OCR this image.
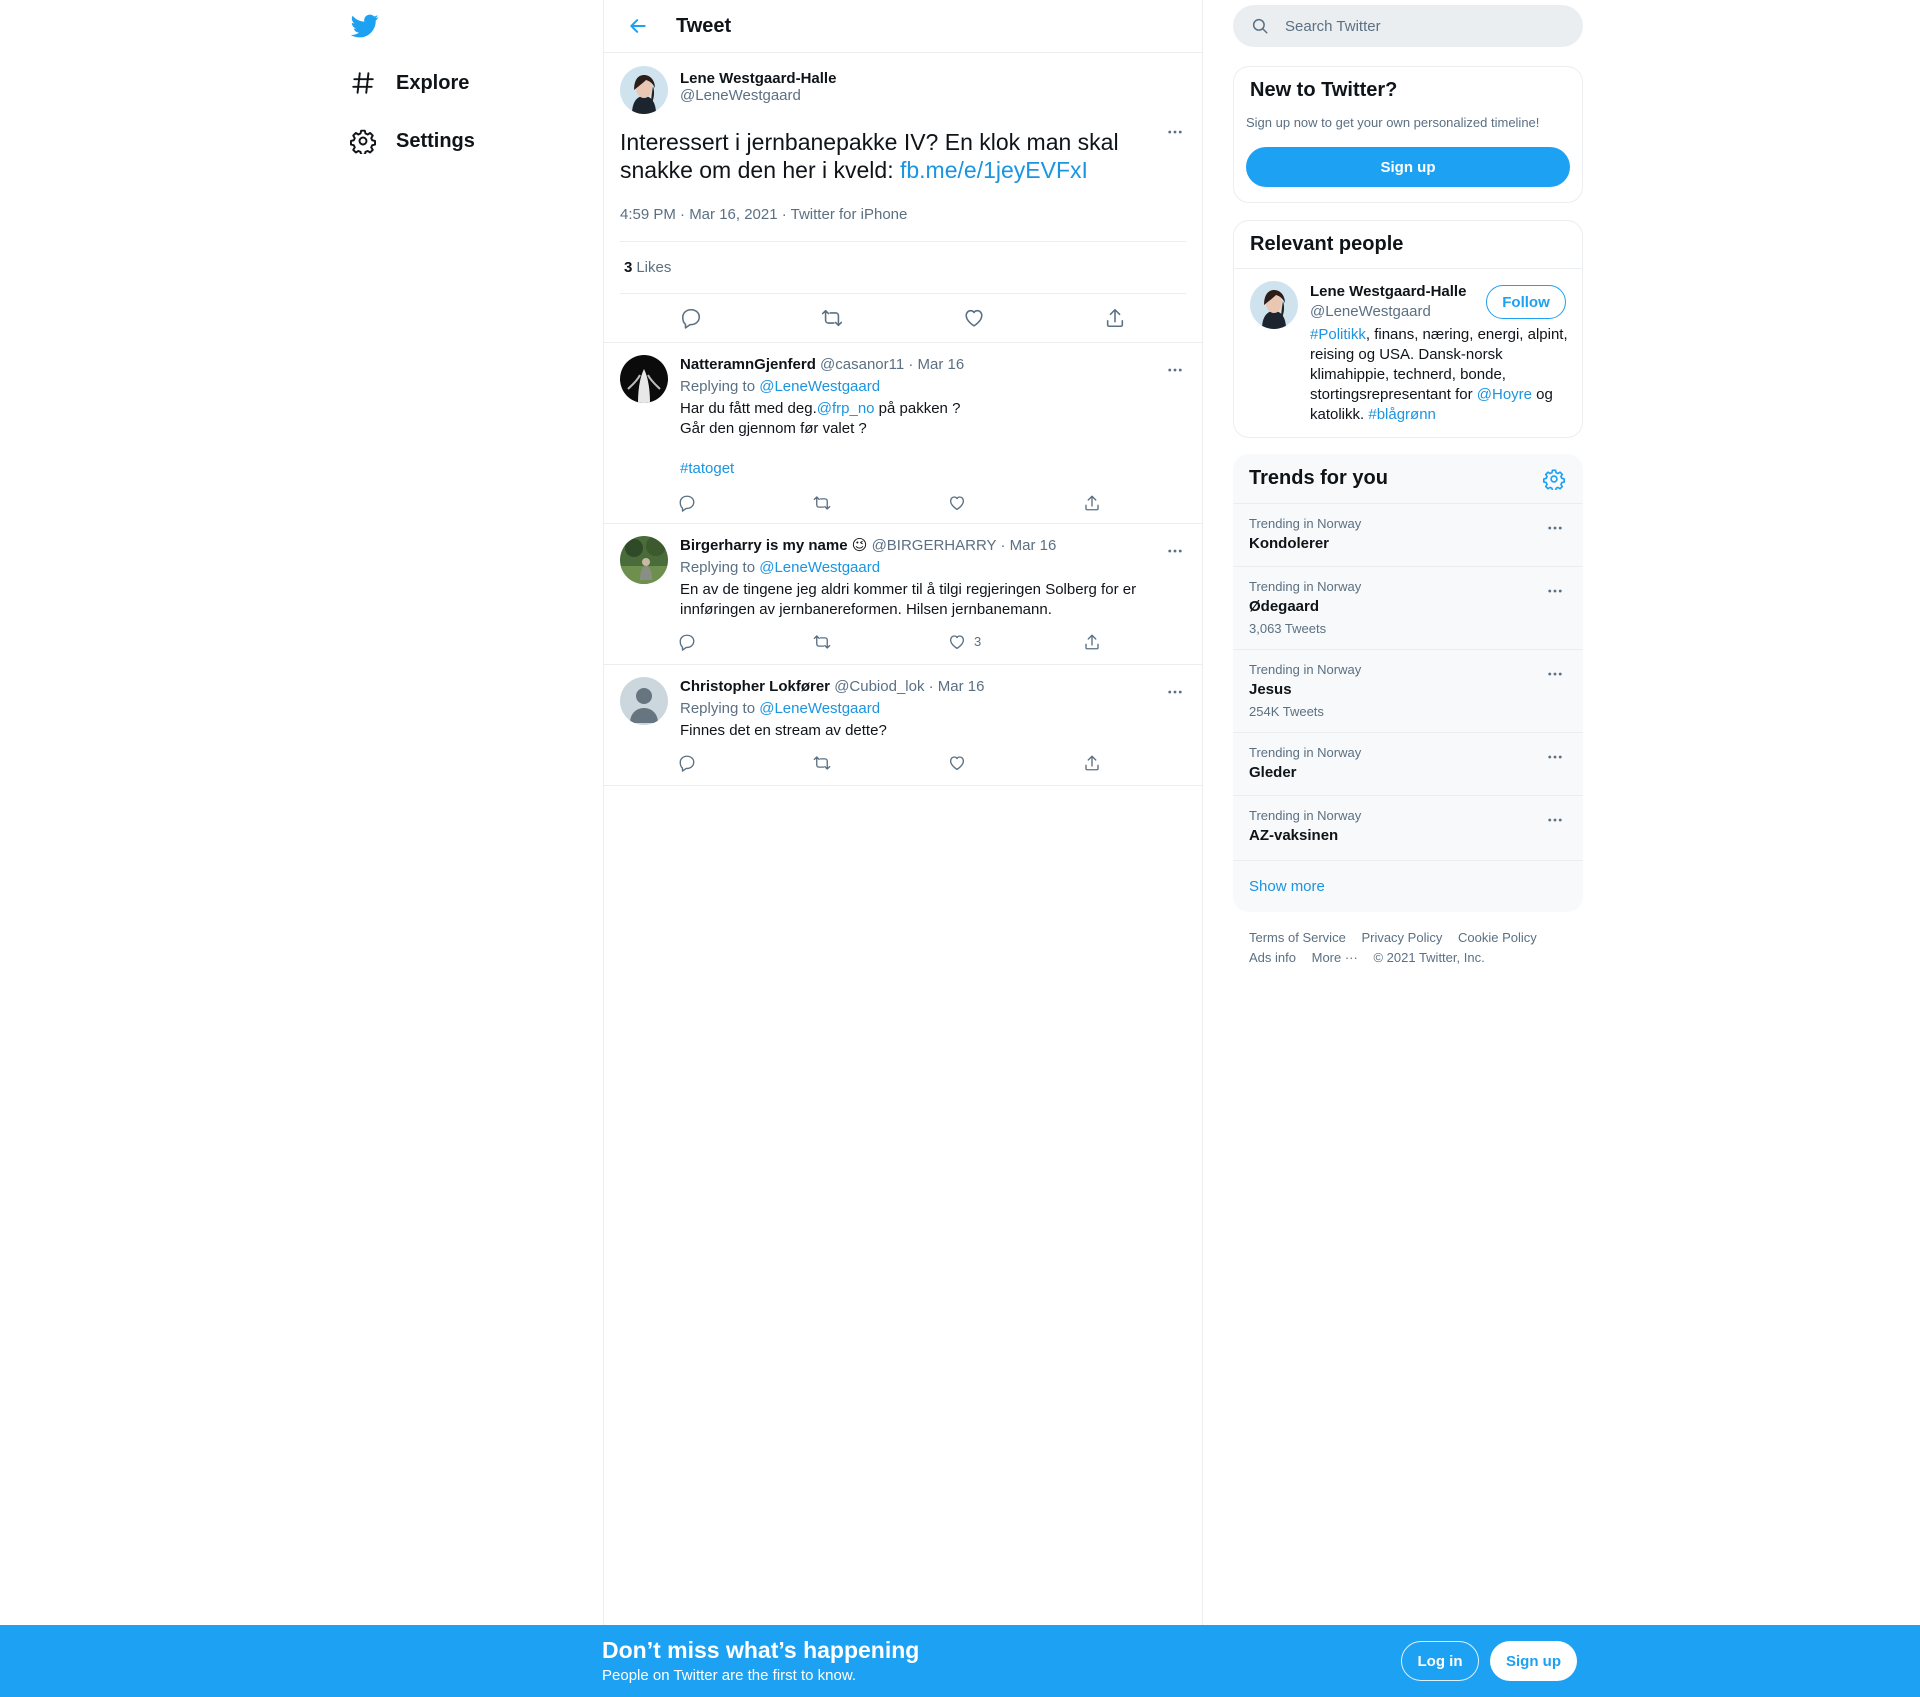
Explore
Settings
Tweet
Lene Westgaard-Halle
@LeneWestgaard
Interessert i jernbanepakke IV? En klok man skal snakke om den her i kveld: fb.me/e/1jeyEVFxI
4:59 PM · Mar 16, 2021 · Twitter for iPhone
3 Likes
NatteramnGjenferd @casanor11 · Mar 16
Replying to @LeneWestgaard
Har du fått med deg.@frp_no på pakken ?
Går den gjennom før valet ?
#tatoget
Birgerharry is my name 😉 @BIRGERHARRY · Mar 16
Replying to @LeneWestgaard
En av de tingene jeg aldri kommer til å tilgi regjeringen Solberg for er innføringen av jernbanereformen. Hilsen jernbanemann.
3
Christopher Lokfører @Cubiod_lok · Mar 16
Replying to @LeneWestgaard
Finnes det en stream av dette?
Search Twitter
New to Twitter?
Sign up now to get your own personalized timeline!
Sign up
Relevant people
Lene Westgaard-Halle
@LeneWestgaard
Follow
#Politikk, finans, næring, energi, alpint, reising og USA. Dansk-norsk klimahippie, technerd, bonde, stortingsrepresentant for @Hoyre og katolikk. #blågrønn
Trends for you
Trending in Norway
Kondolerer
Trending in Norway
Ødegaard
3,063 Tweets
Trending in Norway
Jesus
254K Tweets
Trending in Norway
Gleder
Trending in Norway
AZ-vaksinen
Show more
Terms of Service Privacy Policy Cookie Policy
Ads info More ··· © 2021 Twitter, Inc.
Don’t miss what’s happening
People on Twitter are the first to know.
Log in	Sign up
